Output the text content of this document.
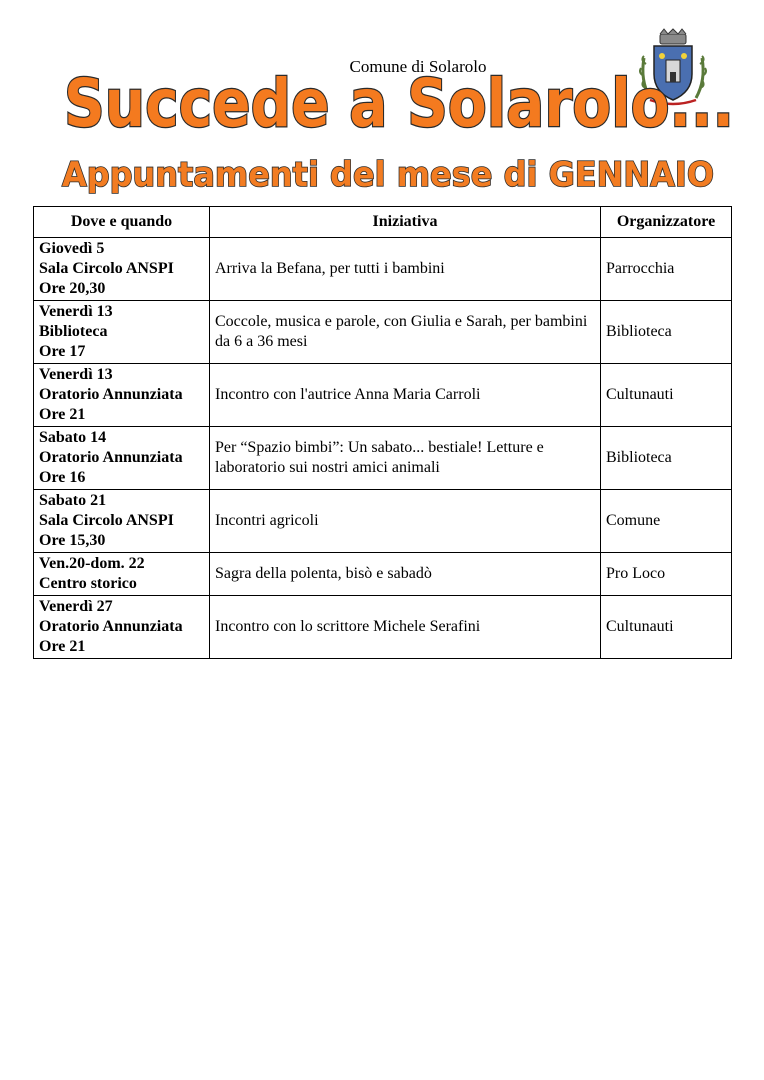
Comune di Solarolo
Succede a Solarolo...
Appuntamenti del mese di GENNAIO
Dove e quando	Iniziativa	Organizzatore

Giovedì 5
Sala Circolo ANSPI
Ore 20,30	Arriva la Befana, per tutti i bambini	Parrocchia

Venerdì 13
Biblioteca
Ore 17	Coccole, musica e parole, con Giulia e Sarah, per bambini da 6 a 36 mesi	Biblioteca

Venerdì 13
Oratorio Annunziata
Ore 21	Incontro con l'autrice Anna Maria Carroli	Cultunauti

Sabato 14
Oratorio Annunziata
Ore 16	Per “Spazio bimbi”: Un sabato... bestiale! Letture e laboratorio sui nostri amici animali	Biblioteca

Sabato 21
Sala Circolo ANSPI
Ore 15,30	Incontri agricoli	Comune

Ven.20-dom. 22
Centro storico	Sagra della polenta, bisò e sabadò	Pro Loco

Venerdì 27
Oratorio Annunziata
Ore 21	Incontro con lo scrittore Michele Serafini	Cultunauti
